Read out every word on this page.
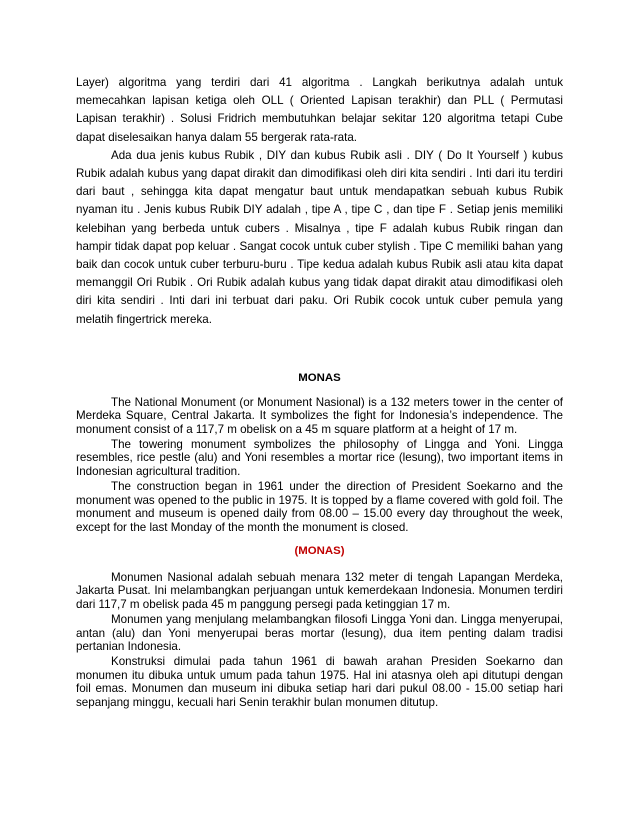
Layer) algoritma yang terdiri dari 41 algoritma . Langkah berikutnya adalah untuk memecahkan lapisan ketiga oleh OLL ( Oriented Lapisan terakhir) dan PLL ( Permutasi Lapisan terakhir) . Solusi Fridrich membutuhkan belajar sekitar 120 algoritma tetapi Cube dapat diselesaikan hanya dalam 55 bergerak rata-rata.

Ada dua jenis kubus Rubik , DIY dan kubus Rubik asli . DIY ( Do It Yourself ) kubus Rubik adalah kubus yang dapat dirakit dan dimodifikasi oleh diri kita sendiri . Inti dari itu terdiri dari baut , sehingga kita dapat mengatur baut untuk mendapatkan sebuah kubus Rubik nyaman itu . Jenis kubus Rubik DIY adalah , tipe A , tipe C , dan tipe F . Setiap jenis memiliki kelebihan yang berbeda untuk cubers . Misalnya , tipe F adalah kubus Rubik ringan dan hampir tidak dapat pop keluar . Sangat cocok untuk cuber stylish . Tipe C memiliki bahan yang baik dan cocok untuk cuber terburu-buru . Tipe kedua adalah kubus Rubik asli atau kita dapat memanggil Ori Rubik . Ori Rubik adalah kubus yang tidak dapat dirakit atau dimodifikasi oleh diri kita sendiri . Inti dari ini terbuat dari paku. Ori Rubik cocok untuk cuber pemula yang melatih fingertrick mereka.

MONAS

The National Monument (or Monument Nasional) is a 132 meters tower in the center of Merdeka Square, Central Jakarta. It symbolizes the fight for Indonesia’s independence. The monument consist of a 117,7 m obelisk on a 45 m square platform at a height of 17 m.

The towering monument symbolizes the philosophy of Lingga and Yoni. Lingga resembles, rice pestle (alu) and Yoni resembles a mortar rice (lesung), two important items in Indonesian agricultural tradition.

The construction began in 1961 under the direction of President Soekarno and the monument was opened to the public in 1975. It is topped by a flame covered with gold foil. The monument and museum is opened daily from 08.00 – 15.00 every day throughout the week, except for the last Monday of the month the monument is closed.

(MONAS)

Monumen Nasional adalah sebuah menara 132 meter di tengah Lapangan Merdeka, Jakarta Pusat. Ini melambangkan perjuangan untuk kemerdekaan Indonesia. Monumen terdiri dari 117,7 m obelisk pada 45 m panggung persegi pada ketinggian 17 m.

Monumen yang menjulang melambangkan filosofi Lingga Yoni dan. Lingga menyerupai, antan (alu) dan Yoni menyerupai beras mortar (lesung), dua item penting dalam tradisi pertanian Indonesia.

Konstruksi dimulai pada tahun 1961 di bawah arahan Presiden Soekarno dan monumen itu dibuka untuk umum pada tahun 1975. Hal ini atasnya oleh api ditutupi dengan foil emas. Monumen dan museum ini dibuka setiap hari dari pukul 08.00 - 15.00 setiap hari sepanjang minggu, kecuali hari Senin terakhir bulan monumen ditutup.
